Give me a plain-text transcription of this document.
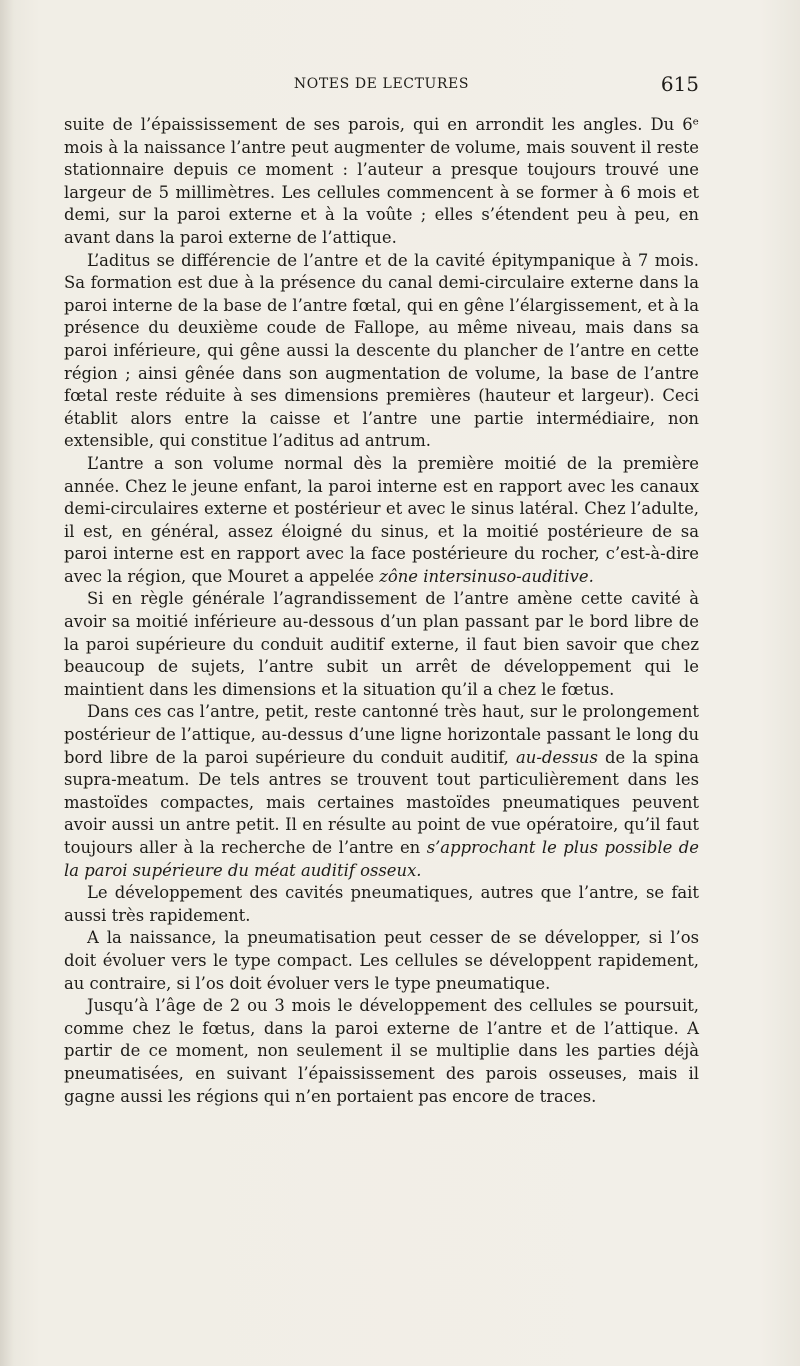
NOTES DE LECTURES	615

suite de l’épaississement de ses parois, qui en arrondit les angles. Du 6ᵉ mois à la naissance l’antre peut augmenter de volume, mais souvent il reste stationnaire depuis ce moment : l’auteur a presque toujours trouvé une largeur de 5 millimètres. Les cellules commencent à se former à 6 mois et demi, sur la paroi externe et à la voûte ; elles s’étendent peu à peu, en avant dans la paroi externe de l’attique.

L’aditus se différencie de l’antre et de la cavité épitympanique à 7 mois. Sa formation est due à la présence du canal demi-circulaire externe dans la paroi interne de la base de l’antre fœtal, qui en gêne l’élargissement, et à la présence du deuxième coude de Fallope, au même niveau, mais dans sa paroi inférieure, qui gêne aussi la descente du plancher de l’antre en cette région ; ainsi gênée dans son augmentation de volume, la base de l’antre fœtal reste réduite à ses dimensions premières (hauteur et largeur). Ceci établit alors entre la caisse et l’antre une partie intermédiaire, non extensible, qui constitue l’aditus ad antrum.

L’antre a son volume normal dès la première moitié de la première année. Chez le jeune enfant, la paroi interne est en rapport avec les canaux demi-circulaires externe et postérieur et avec le sinus latéral. Chez l’adulte, il est, en général, assez éloigné du sinus, et la moitié postérieure de sa paroi interne est en rapport avec la face postérieure du rocher, c’est-à-dire avec la région, que Mouret a appelée zône intersinuso-auditive.

Si en règle générale l’agrandissement de l’antre amène cette cavité à avoir sa moitié inférieure au-dessous d’un plan passant par le bord libre de la paroi supérieure du conduit auditif externe, il faut bien savoir que chez beaucoup de sujets, l’antre subit un arrêt de développement qui le maintient dans les dimensions et la situation qu’il a chez le fœtus.

Dans ces cas l’antre, petit, reste cantonné très haut, sur le prolongement postérieur de l’attique, au-dessus d’une ligne horizontale passant le long du bord libre de la paroi supérieure du conduit auditif, au-dessus de la spina supra-meatum. De tels antres se trouvent tout particulièrement dans les mastoïdes compactes, mais certaines mastoïdes pneumatiques peuvent avoir aussi un antre petit. Il en résulte au point de vue opératoire, qu’il faut toujours aller à la recherche de l’antre en s’approchant le plus possible de la paroi supérieure du méat auditif osseux.

Le développement des cavités pneumatiques, autres que l’antre, se fait aussi très rapidement.

A la naissance, la pneumatisation peut cesser de se développer, si l’os doit évoluer vers le type compact. Les cellules se développent rapidement, au contraire, si l’os doit évoluer vers le type pneumatique.

Jusqu’à l’âge de 2 ou 3 mois le développement des cellules se poursuit, comme chez le fœtus, dans la paroi externe de l’antre et de l’attique. A partir de ce moment, non seulement il se multiplie dans les parties déjà pneumatisées, en suivant l’épaississement des parois osseuses, mais il gagne aussi les régions qui n’en portaient pas encore de traces.
